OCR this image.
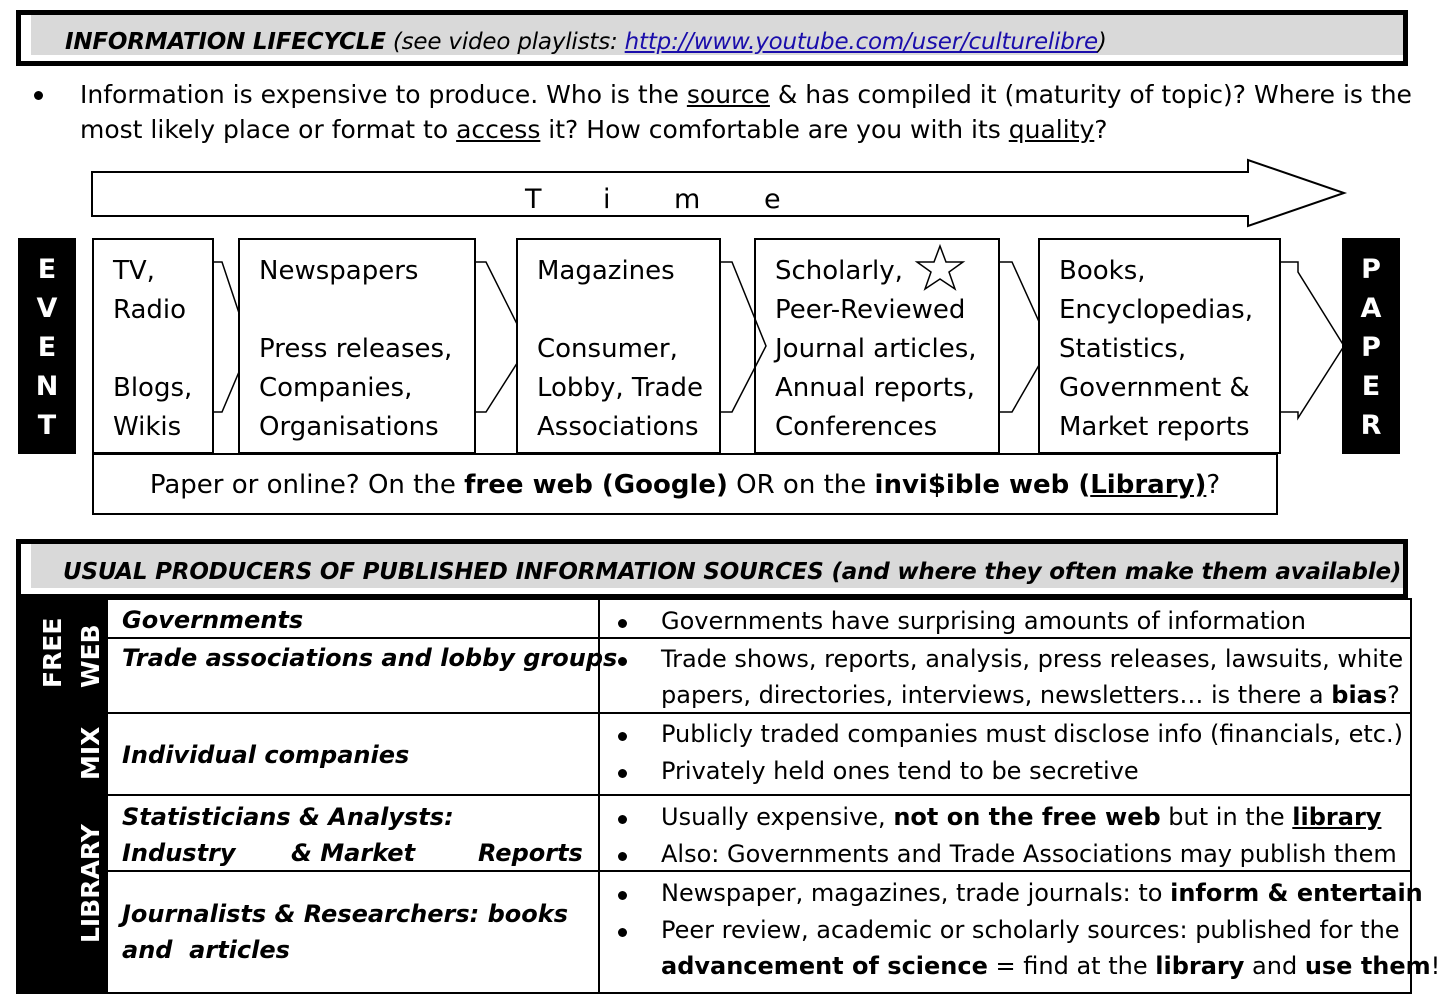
INFORMATION LIFECYCLE (see video playlists: http://www.youtube.com/user/culturelibre)
Information is expensive to produce. Who is the source & has compiled it (maturity of topic)? Where is the
most likely place or format to access it? How comfortable are you with its quality?
T i m e
E
V
E
N
T
P
A
P
E
R
TV,
Radio
Blogs,
Wikis
Newspapers
Press releases,
Companies,
Organisations
Magazines
Consumer,
Lobby, Trade
Associations
Scholarly,
Peer-Reviewed
Journal articles,
Annual reports,
Conferences
Books,
Encyclopedias,
Statistics,
Government &
Market reports
Paper or online? On the free web (Google) OR on the invi$ible web (Library)?
USUAL PRODUCERS OF PUBLISHED INFORMATION SOURCES (and where they often make them available)
FREE WEB
MIX
LIBRARY
Governments	Governments have surprising amounts of information
Trade associations and lobby groups Trade shows, reports, analysis, press releases, lawsuits, white
papers, directories, interviews, newsletters… is there a bias?
Individual companies
Publicly traded companies must disclose info (financials, etc.)
Privately held ones tend to be secretive
Statisticians & Analysts:
Industry & Market	Reports
Usually expensive, not on the free web but in the library
Also: Governments and Trade Associations may publish them
Journalists & Researchers: books
and  articles
Newspaper, magazines, trade journals: to inform & entertain
Peer review, academic or scholarly sources: published for the
advancement of science = find at the library and use them!
